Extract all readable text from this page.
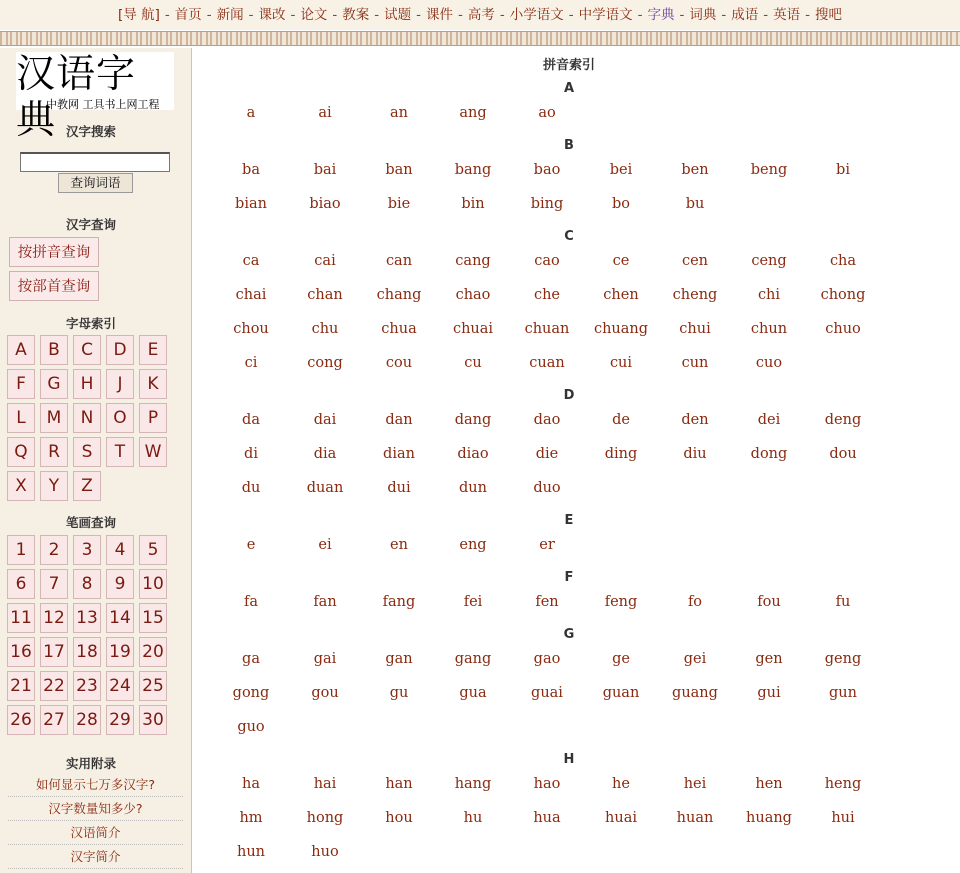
[导 航] - 首页 - 新闻 - 课改 - 论文 - 教案 - 试题 - 课件 - 高考 - 小学语文 - 中学语文 - 字典 - 词典 - 成语 - 英语 - 搜吧
汉语字典
中教网 工具书上网工程
汉字搜索
查询词语
汉字查询
按拼音查询
按部首查询
字母索引
A	B	C	D	E
F	G	H	J	K
L	M	N	O	P
Q	R	S	T	W
X	Y	Z
笔画查询
1	2	3	4	5
6	7	8	9 10
11 12 13 14 15
16 17 18 19 20
21 22 23 24 25
26 27 28 29 30
实用附录
如何显示七万多汉字?
汉字数量知多少?
汉语简介
汉字简介
拼音索引
A
a	ai	an	ang	ao
B
ba	bai	ban	bang	bao	bei	ben	beng	bi
bian	biao	bie	bin	bing	bo	bu
C
ca	cai	can	cang	cao	ce	cen	ceng	cha
chai	chan	chang	chao	che	chen	cheng	chi	chong
chou	chu	chua	chuai	chuan	chuang	chui	chun	chuo
ci	cong	cou	cu	cuan	cui	cun	cuo
D
da	dai	dan	dang	dao	de	den	dei	deng
di	dia	dian	diao	die	ding	diu	dong	dou
du	duan	dui	dun	duo
E
e	ei	en	eng	er
F
fa	fan	fang	fei	fen	feng	fo	fou	fu
G
ga	gai	gan	gang	gao	ge	gei	gen	geng
gong	gou	gu	gua	guai	guan	guang	gui	gun
guo
H
ha	hai	han	hang	hao	he	hei	hen	heng
hm	hong	hou	hu	hua	huai	huan	huang	hui
hun	huo
